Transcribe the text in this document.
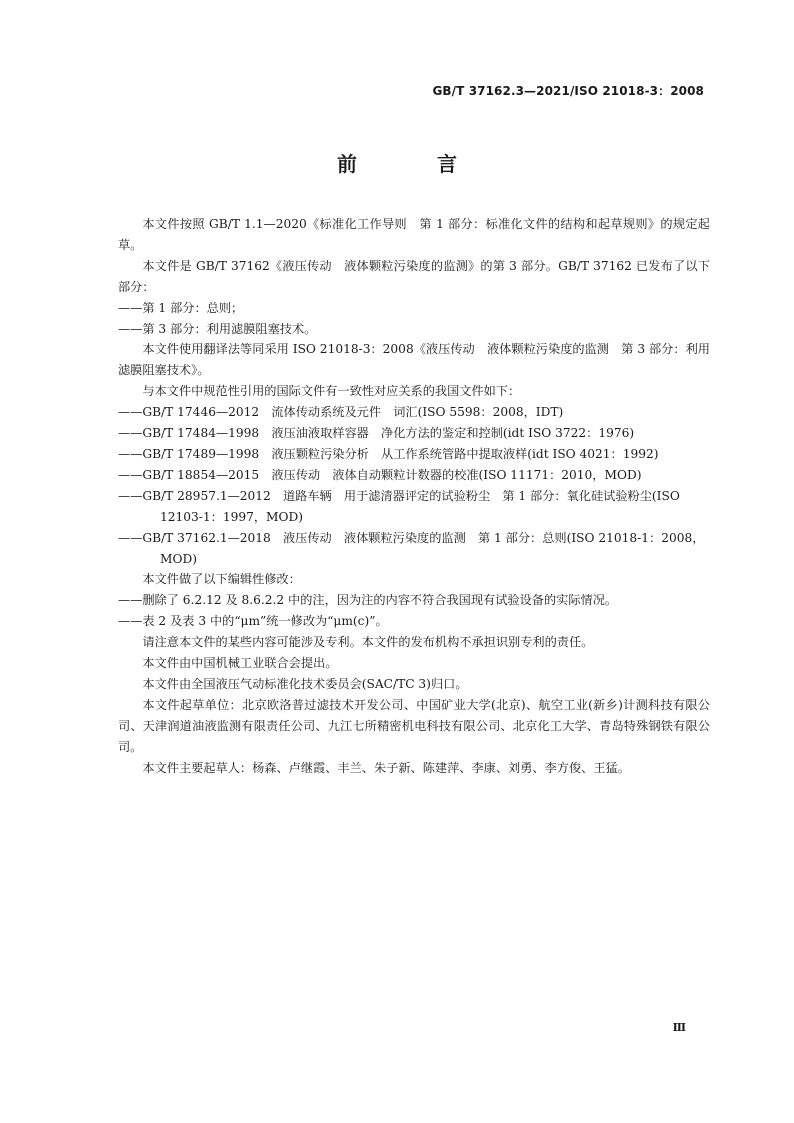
GB/T 37162.3—2021/ISO 21018-3：2008
前　言

本文件按照 GB/T 1.1—2020《标准化工作导则　第 1 部分：标准化文件的结构和起草规则》的规定起草。

本文件是 GB/T 37162《液压传动　液体颗粒污染度的监测》的第 3 部分。GB/T 37162 已发布了以下部分：

——第 1 部分：总则；

——第 3 部分：利用滤膜阻塞技术。

本文件使用翻译法等同采用 ISO 21018-3：2008《液压传动　液体颗粒污染度的监测　第 3 部分：利用滤膜阻塞技术》。

与本文件中规范性引用的国际文件有一致性对应关系的我国文件如下：

——GB/T 17446—2012　流体传动系统及元件　词汇(ISO 5598：2008，IDT)

——GB/T 17484—1998　液压油液取样容器　净化方法的鉴定和控制(idt ISO 3722：1976)

——GB/T 17489—1998　液压颗粒污染分析　从工作系统管路中提取液样(idt ISO 4021：1992)

——GB/T 18854—2015　液压传动　液体自动颗粒计数器的校准(ISO 11171：2010，MOD)

——GB/T 28957.1—2012　道路车辆　用于滤清器评定的试验粉尘　第 1 部分：氧化硅试验粉尘(ISO 12103-1：1997，MOD)

——GB/T 37162.1—2018　液压传动　液体颗粒污染度的监测　第 1 部分：总则(ISO 21018-1：2008，MOD)

本文件做了以下编辑性修改：

——删除了 6.2.12 及 8.6.2.2 中的注，因为注的内容不符合我国现有试验设备的实际情况。

——表 2 及表 3 中的“μm”统一修改为“μm(c)”。

请注意本文件的某些内容可能涉及专利。本文件的发布机构不承担识别专利的责任。

本文件由中国机械工业联合会提出。

本文件由全国液压气动标准化技术委员会(SAC/TC 3)归口。

本文件起草单位：北京欧洛普过滤技术开发公司、中国矿业大学(北京)、航空工业(新乡)计测科技有限公司、天津润道油液监测有限责任公司、九江七所精密机电科技有限公司、北京化工大学、青岛特殊钢铁有限公司。

本文件主要起草人：杨森、卢继霞、丰兰、朱子新、陈建萍、李康、刘勇、李方俊、王猛。

Ⅲ
